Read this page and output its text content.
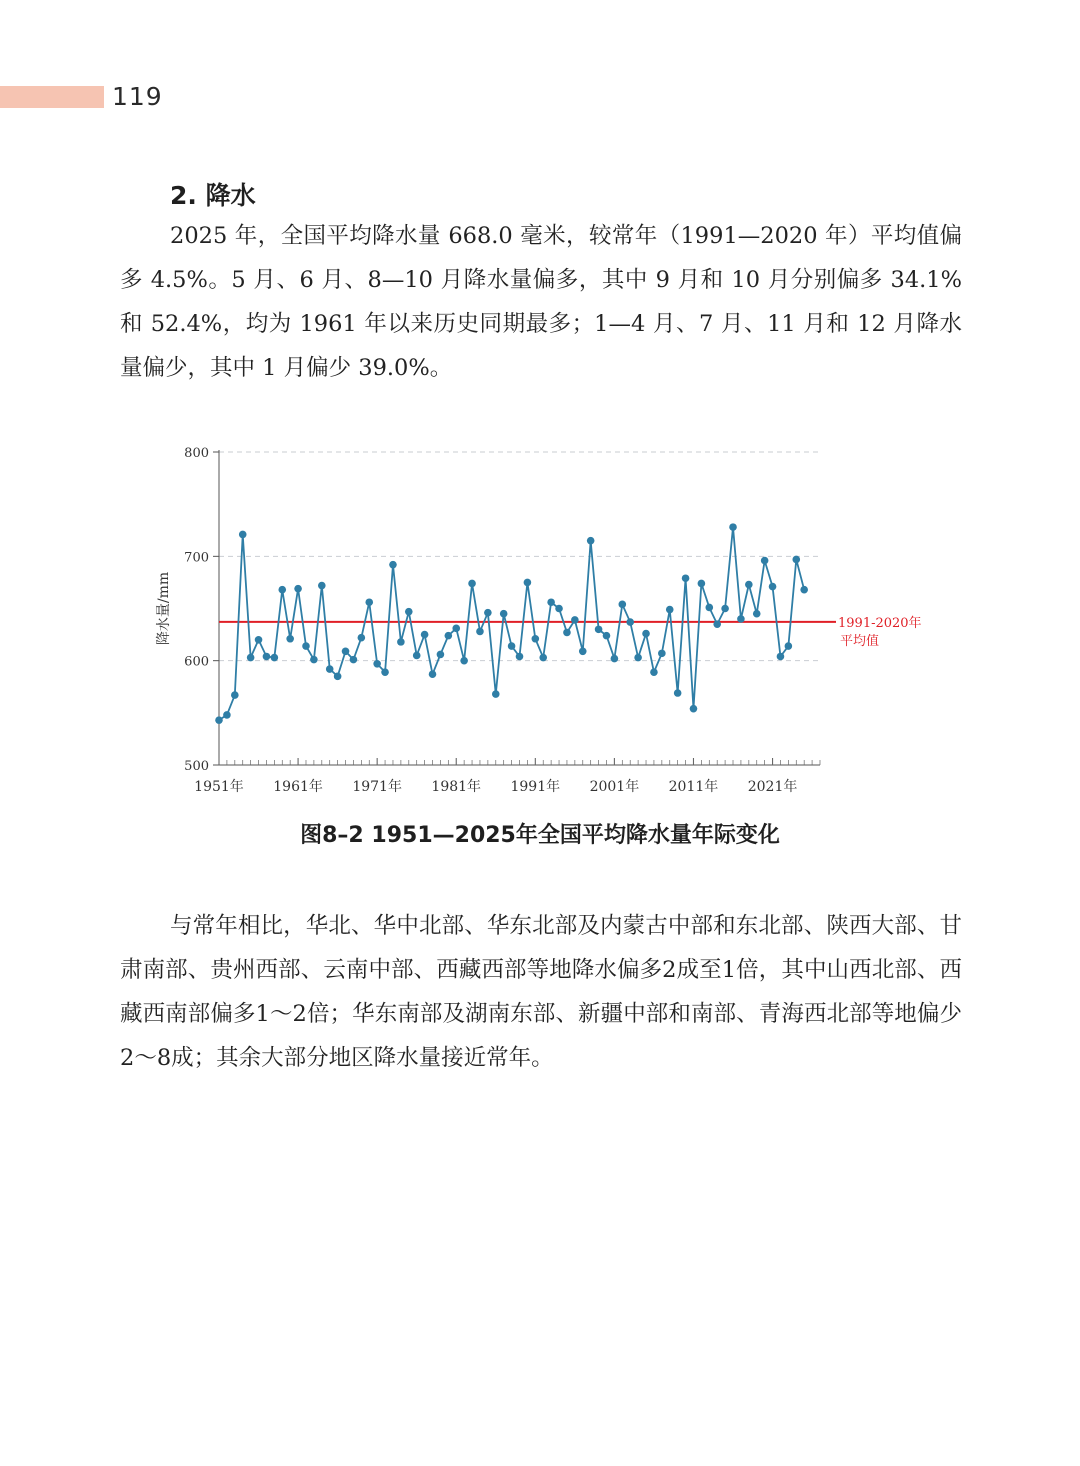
119
2. 降水

2025 年，全国平均降水量 668.0 毫米，较常年（1991—2020 年）平均值偏多 4.5%。5 月、6 月、8—10 月降水量偏多，其中 9 月和 10 月分别偏多 34.1% 和 52.4%，均为 1961 年以来历史同期最多；1—4 月、7 月、11 月和 12 月降水量偏少，其中 1 月偏少 39.0%。

500
600
700
800
1951年 1961年 1971年 1981年 1991年 2001年 2011年 2021年
1991-2020年
平均值
降水量/mm

图8–2 1951—2025年全国平均降水量年际变化

与常年相比，华北、华中北部、华东北部及内蒙古中部和东北部、陕西大部、甘肃南部、贵州西部、云南中部、西藏西部等地降水偏多2成至1倍，其中山西北部、西藏西南部偏多1～2倍；华东南部及湖南东部、新疆中部和南部、青海西北部等地偏少2～8成；其余大部分地区降水量接近常年。
